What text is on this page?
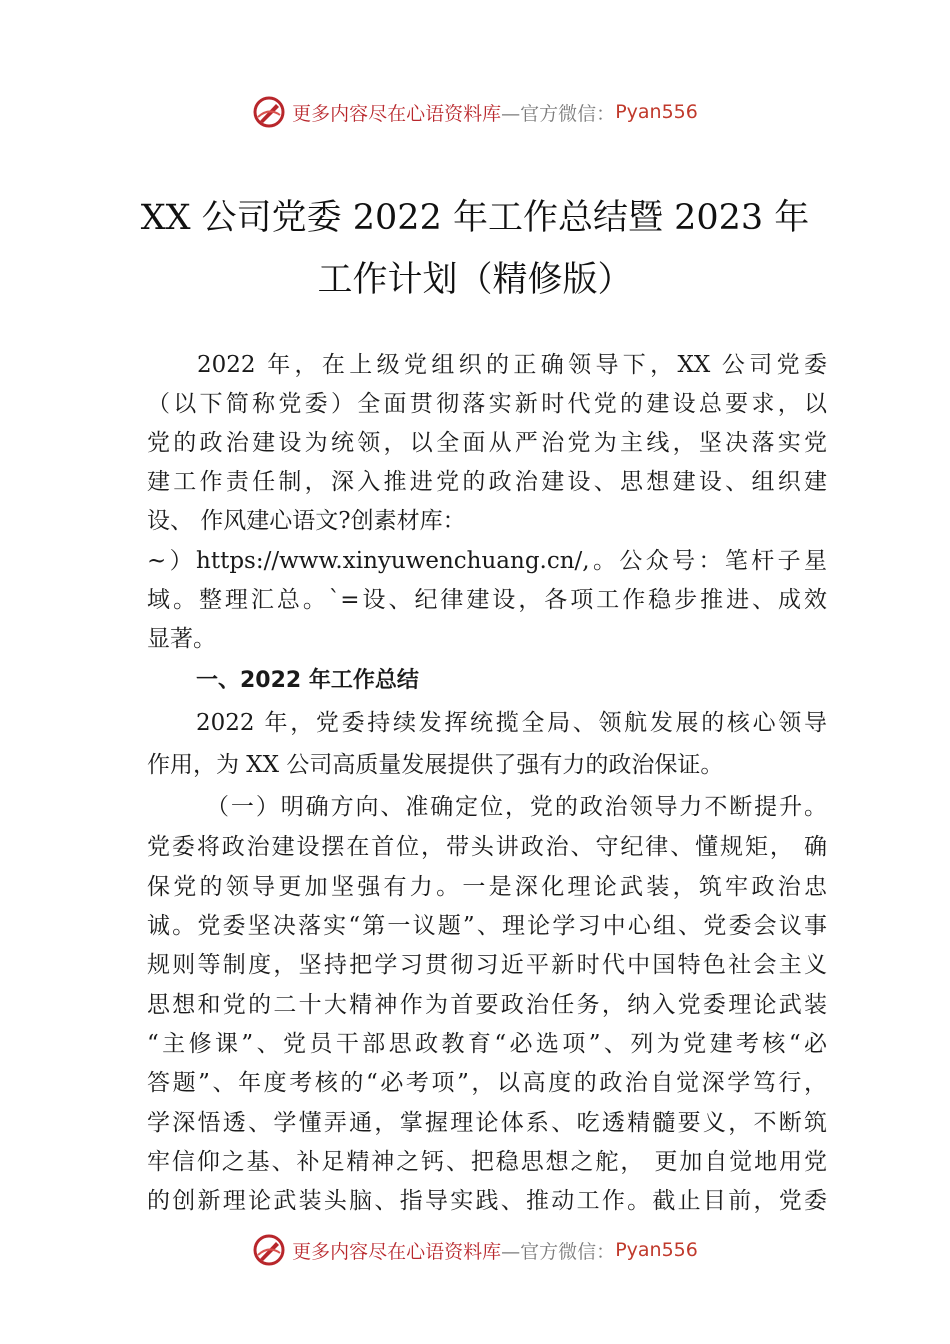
更多内容尽在心语资料库 —官方微信： Pyan556
XX 公司党委 2022 年工作总结暨 2023 年
工作计划（精修版）
2022 年，在上级党组织的正确领导下，XX 公司党委
（以下简称党委）全面贯彻落实新时代党的建设总要求，以
党的政治建设为统领，以全面从严治党为主线，坚决落实党
建工作责任制，深入推进党的政治建设、思想建设、组织建
设、 作风建心语文?创素材库：
~）https://www.xinyuwenchuang.cn/,。公众号：笔杆子星
域。整理汇总。`=设、纪律建设，各项工作稳步推进、成效
显著。
一、2022 年工作总结
2022 年，党委持续发挥统揽全局、领航发展的核心领导
作用，为 XX 公司高质量发展提供了强有力的政治保证。
（一）明确方向、准确定位，党的政治领导力不断提升。
党委将政治建设摆在首位，带头讲政治、守纪律、懂规矩， 确
保党的领导更加坚强有力。一是深化理论武装，筑牢政治忠
诚。党委坚决落实“第一议题”、理论学习中心组、党委会议事
规则等制度，坚持把学习贯彻习近平新时代中国特色社会主义
思想和党的二十大精神作为首要政治任务，纳入党委理论武装
“主修课”、党员干部思政教育“必选项”、列为党建考核“必
答题”、年度考核的“必考项”，以高度的政治自觉深学笃行，
学深悟透、学懂弄通，掌握理论体系、吃透精髓要义，不断筑
牢信仰之基、补足精神之钙、把稳思想之舵， 更加自觉地用党
的创新理论武装头脑、指导实践、推动工作。截止目前，党委
更多内容尽在心语资料库 —官方微信： Pyan556
